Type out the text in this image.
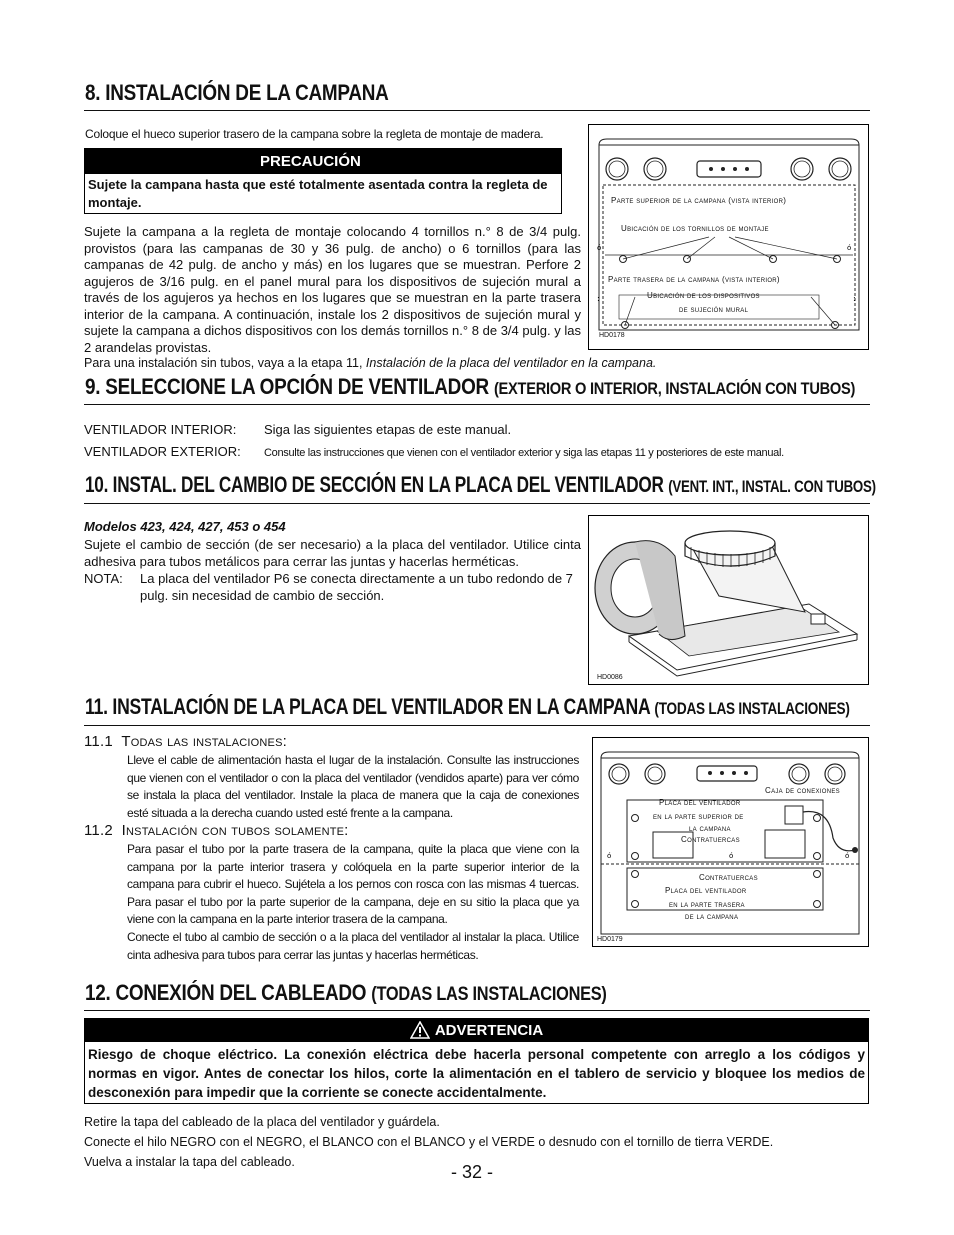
8. INSTALACIÓN DE LA CAMPANA
Coloque el hueco superior trasero de la campana sobre la regleta de montaje de madera.
PRECAUCIÓN
Sujete la campana hasta que esté totalmente asentada contra la regleta de montaje.
Sujete la campana a la regleta de montaje colocando 4 tornillos n.° 8 de 3/4 pulg. provistos (para las campanas de 30 y 36 pulg. de ancho) o 6 tornillos (para las campanas de 42 pulg. de ancho y más) en los lugares que se muestran. Perfore 2 agujeros de 3/16 pulg. en el panel mural para los dispositivos de sujeción mural a través de los agujeros ya hechos en los lugares que se muestran en la parte trasera interior de la campana. A continuación, instale los 2 dispositivos de sujeción mural y sujete la campana a dichos dispositivos con los demás tornillos n.° 8 de 3/4 pulg. y las 2 arandelas provistas.
Para una instalación sin tubos, vaya a la etapa 11, Instalación de la placa del ventilador en la campana.
ó	ó
:	:
Parte superior de la campana (vista interior)
Ubicación de los tornillos de montaje
Parte trasera de la campana (vista interior)
Ubicación de los dispositivos
de sujeción mural
HD0178
9. SELECCIONE LA OPCIÓN DE VENTILADOR (EXTERIOR O INTERIOR, INSTALACIÓN CON TUBOS)
VENTILADOR INTERIOR: Siga las siguientes etapas de este manual.
VENTILADOR EXTERIOR: Consulte las instrucciones que vienen con el ventilador exterior y siga las etapas 11 y posteriores de este manual.
10. INSTAL. DEL CAMBIO DE SECCIÓN EN LA PLACA DEL VENTILADOR (VENT. INT., INSTAL. CON TUBOS)
Modelos 423, 424, 427, 453 o 454
Sujete el cambio de sección (de ser necesario) a la placa del ventilador. Utilice cinta adhesiva para tubos metálicos para cerrar las juntas y hacerlas herméticas.
NOTA: La placa del ventilador P6 se conecta directamente a un tubo redondo de 7 pulg. sin necesidad de cambio de sección.
HD0086
11. INSTALACIÓN DE LA PLACA DEL VENTILADOR EN LA CAMPANA (TODAS LAS INSTALACIONES)
11.1 Todas las instalaciones:
Lleve el cable de alimentación hasta el lugar de la instalación. Consulte las instrucciones que vienen con el ventilador o con la placa del ventilador (vendidos aparte) para ver cómo se instala la placa del ventilador. Instale la placa de manera que la caja de conexiones esté situada a la derecha cuando usted esté frente a la campana.
11.2 Instalación con tubos solamente:
Para pasar el tubo por la parte trasera de la campana, quite la placa que viene con la campana por la parte interior trasera y colóquela en la parte superior interior de la campana para cubrir el hueco. Sujétela a los pernos con rosca con las mismas 4 tuercas. Para pasar el tubo por la parte superior de la campana, deje en su sitio la placa que ya viene con la campana en la parte interior trasera de la campana.
Conecte el tubo al cambio de sección o a la placa del ventilador al instalar la placa. Utilice cinta adhesiva para tubos para cerrar las juntas y hacerlas herméticas.
ó	ó
ó
Caja de conexiones
Placa del ventilador
en la parte superior de
la campana
Contratuercas
Contratuercas
Placa del ventilador
en la parte trasera
de la campana
HD0179
12. CONEXIÓN DEL CABLEADO (TODAS LAS INSTALACIONES)
ADVERTENCIA
Riesgo de choque eléctrico. La conexión eléctrica debe hacerla personal competente con arreglo a los códigos y normas en vigor. Antes de conectar los hilos, corte la alimentación en el tablero de servicio y bloquee los medios de desconexión para impedir que la corriente se conecte accidentalmente.
Retire la tapa del cableado de la placa del ventilador y guárdela.
Conecte el hilo NEGRO con el NEGRO, el BLANCO con el BLANCO y el VERDE o desnudo con el tornillo de tierra VERDE.
Vuelva a instalar la tapa del cableado.	- 32 -
